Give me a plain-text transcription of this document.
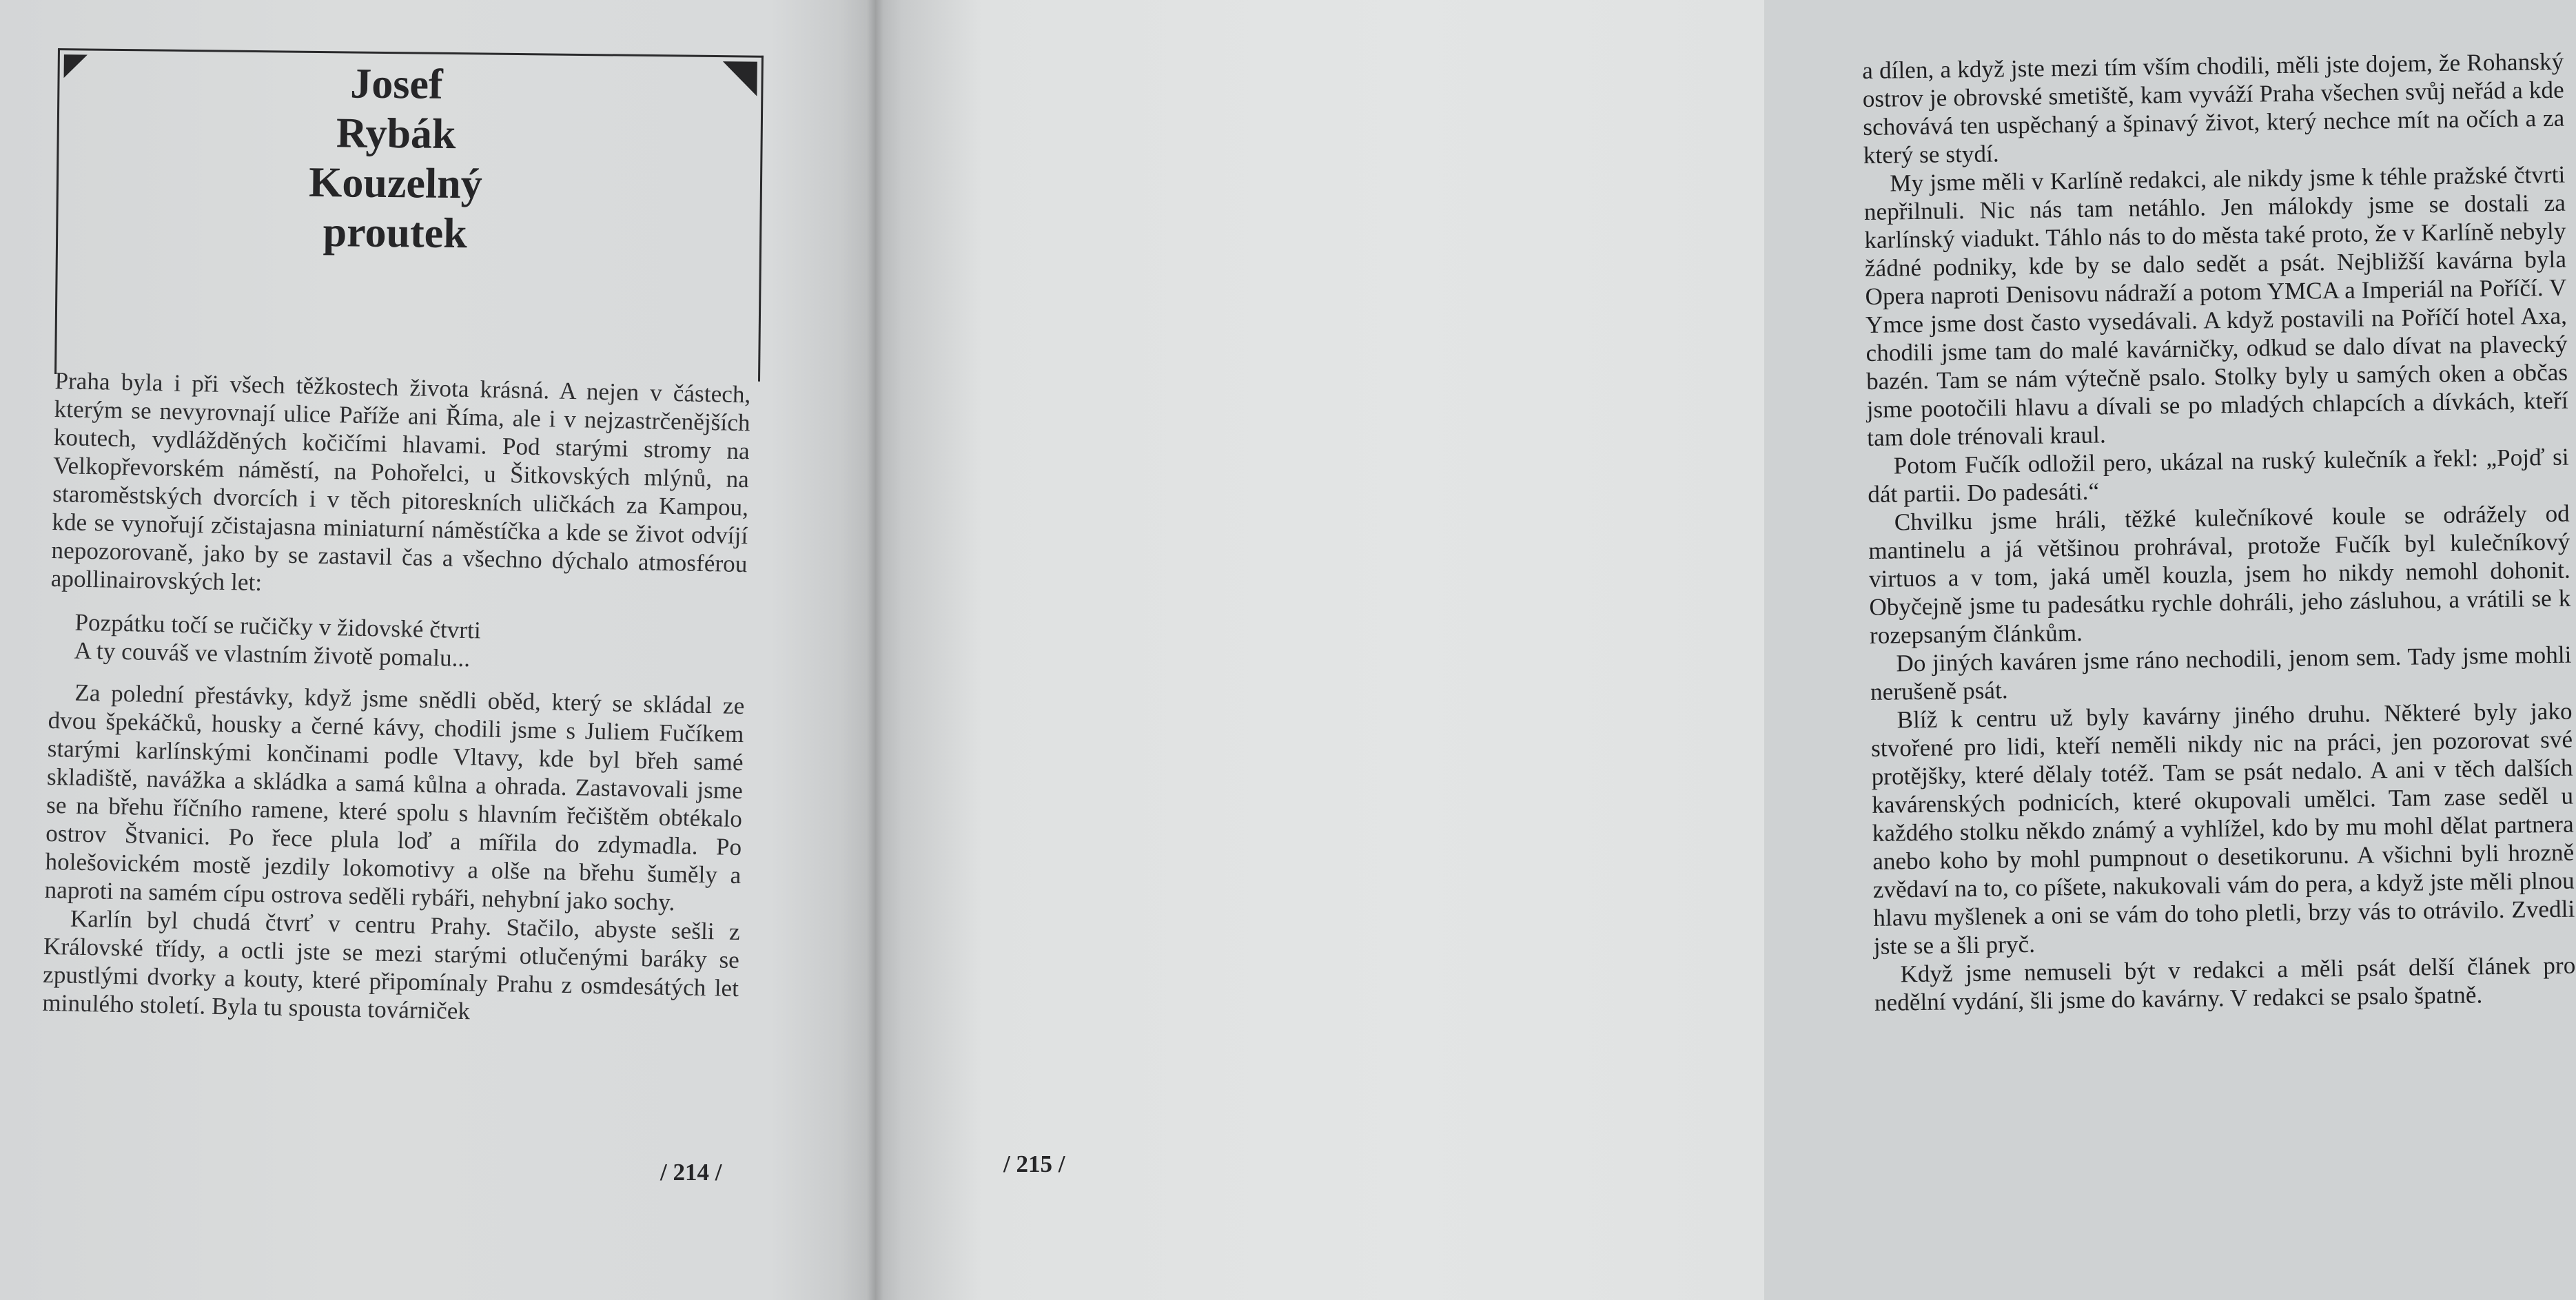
Josef
Rybák
Kouzelný
proutek

Praha byla i při všech těžkostech života krásná. A nejen v částech, kterým se nevyrovnají ulice Paříže ani Říma, ale i v nejzastrčenějších koutech, vydlážděných kočičími hlavami. Pod starými stromy na Velkopřevorském náměstí, na Pohořelci, u Šitkovských mlýnů, na staroměstských dvorcích i v těch pitoreskních uličkách za Kampou, kde se vynořují zčistajasna miniaturní náměstíčka a kde se život odvíjí nepozorovaně, jako by se zastavil čas a všechno dýchalo atmosférou apollinairovských let:

Pozpátku točí se ručičky v židovské čtvrti
A ty couváš ve vlastním životě pomalu...

Za polední přestávky, když jsme snědli oběd, který se skládal ze dvou špekáčků, housky a černé kávy, chodili jsme s Juliem Fučíkem starými karlínskými končinami podle Vltavy, kde byl břeh samé skladiště, navážka a skládka a samá kůlna a ohrada. Zastavovali jsme se na břehu říčního ramene, které spolu s hlavním řečištěm obtékalo ostrov Štvanici. Po řece plula loď a mířila do zdymadla. Po holešovickém mostě jezdily lokomotivy a olše na břehu šuměly a naproti na samém cípu ostrova seděli rybáři, nehybní jako sochy.

Karlín byl chudá čtvrť v centru Prahy. Stačilo, abyste sešli z Královské třídy, a octli jste se mezi starými otlučenými baráky se zpustlými dvorky a kouty, které připomínaly Prahu z osmdesátých let minulého století. Byla tu spousta továrniček

/ 214 /

a dílen, a když jste mezi tím vším chodili, měli jste dojem, že Rohanský ostrov je obrovské smetiště, kam vyváží Praha všechen svůj neřád a kde schovává ten uspěchaný a špinavý život, který nechce mít na očích a za který se stydí.

My jsme měli v Karlíně redakci, ale nikdy jsme k téhle pražské čtvrti nepřilnuli. Nic nás tam netáhlo. Jen málokdy jsme se dostali za karlínský viadukt. Táhlo nás to do města také proto, že v Karlíně nebyly žádné podniky, kde by se dalo sedět a psát. Nejbližší kavárna byla Opera naproti Denisovu nádraží a potom YMCA a Imperiál na Poříčí. V Ymce jsme dost často vysedávali. A když postavili na Poříčí hotel Axa, chodili jsme tam do malé kavárničky, odkud se dalo dívat na plavecký bazén. Tam se nám výtečně psalo. Stolky byly u samých oken a občas jsme pootočili hlavu a dívali se po mladých chlapcích a dívkách, kteří tam dole trénovali kraul.

Potom Fučík odložil pero, ukázal na ruský kulečník a řekl: „Pojď si dát partii. Do padesáti.“

Chvilku jsme hráli, těžké kulečníkové koule se odrážely od mantinelu a já většinou prohrával, protože Fučík byl kulečníkový virtuos a v tom, jaká uměl kouzla, jsem ho nikdy nemohl dohonit. Obyčejně jsme tu padesátku rychle dohráli, jeho zásluhou, a vrátili se k rozepsaným článkům.

Do jiných kaváren jsme ráno nechodili, jenom sem. Tady jsme mohli nerušeně psát.

Blíž k centru už byly kavárny jiného druhu. Některé byly jako stvořené pro lidi, kteří neměli nikdy nic na práci, jen pozorovat své protějšky, které dělaly totéž. Tam se psát nedalo. A ani v těch dalších kavárenských podnicích, které okupovali umělci. Tam zase seděl u každého stolku někdo známý a vyhlížel, kdo by mu mohl dělat partnera anebo koho by mohl pumpnout o desetikorunu. A všichni byli hrozně zvědaví na to, co píšete, nakukovali vám do pera, a když jste měli plnou hlavu myšlenek a oni se vám do toho pletli, brzy vás to otrávilo. Zvedli jste se a šli pryč.

Když jsme nemuseli být v redakci a měli psát delší článek pro nedělní vydání, šli jsme do kavárny. V redakci se psalo špatně.

/ 215 /
